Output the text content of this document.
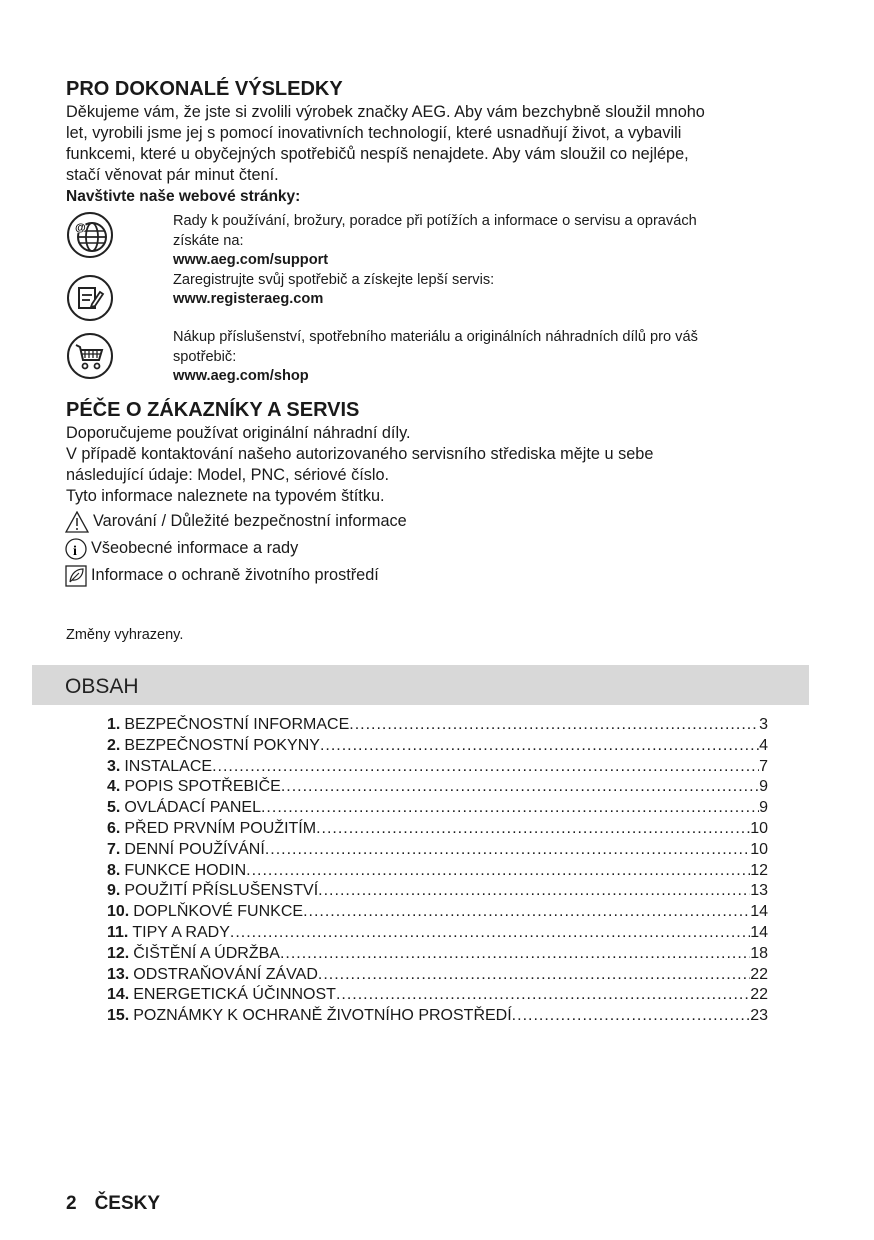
PRO DOKONALÉ VÝSLEDKY
Děkujeme vám, že jste si zvolili výrobek značky AEG. Aby vám bezchybně sloužil mnoho
let, vyrobili jsme jej s pomocí inovativních technologií, které usnadňují život, a vybavili
funkcemi, které u obyčejných spotřebičů nespíš nenajdete. Aby vám sloužil co nejlépe,
stačí věnovat pár minut čtení.
Navštivte naše webové stránky:
@	Rady k používání, brožury, poradce při potížích a informace o servisu a opravách
získáte na:
www.aeg.com/support
Zaregistrujte svůj spotřebič a získejte lepší servis:
www.registeraeg.com
Nákup příslušenství, spotřebního materiálu a originálních náhradních dílů pro váš
spotřebič:
www.aeg.com/shop
PÉČE O ZÁKAZNÍKY A SERVIS
Doporučujeme používat originální náhradní díly.
V případě kontaktování našeho autorizovaného servisního střediska mějte u sebe
následující údaje: Model, PNC, sériové číslo.
Tyto informace naleznete na typovém štítku.
Varování / Důležité bezpečnostní informace
i Všeobecné informace a rady
Informace o ochraně životního prostředí
Změny vyhrazeny.
OBSAH
1. BEZPEČNOSTNÍ INFORMACE .....	3
2. BEZPEČNOSTNÍ POKYNY .....	4
3. INSTALACE .....	7
4. POPIS SPOTŘEBIČE .....	9
5. OVLÁDACÍ PANEL .....	9
6. PŘED PRVNÍM POUŽITÍM .....	10
7. DENNÍ POUŽÍVÁNÍ .....	10
8. FUNKCE HODIN .....	12
9. POUŽITÍ PŘÍSLUŠENSTVÍ .....	13
10. DOPLŇKOVÉ FUNKCE .....	14
11. TIPY A RADY .....	14
12. ČIŠTĚNÍ A ÚDRŽBA .....	18
13. ODSTRAŇOVÁNÍ ZÁVAD .....	22
14. ENERGETICKÁ ÚČINNOST .....	22
15. POZNÁMKY K OCHRANĚ ŽIVOTNÍHO PROSTŘEDÍ .....	23
2 ČESKY
